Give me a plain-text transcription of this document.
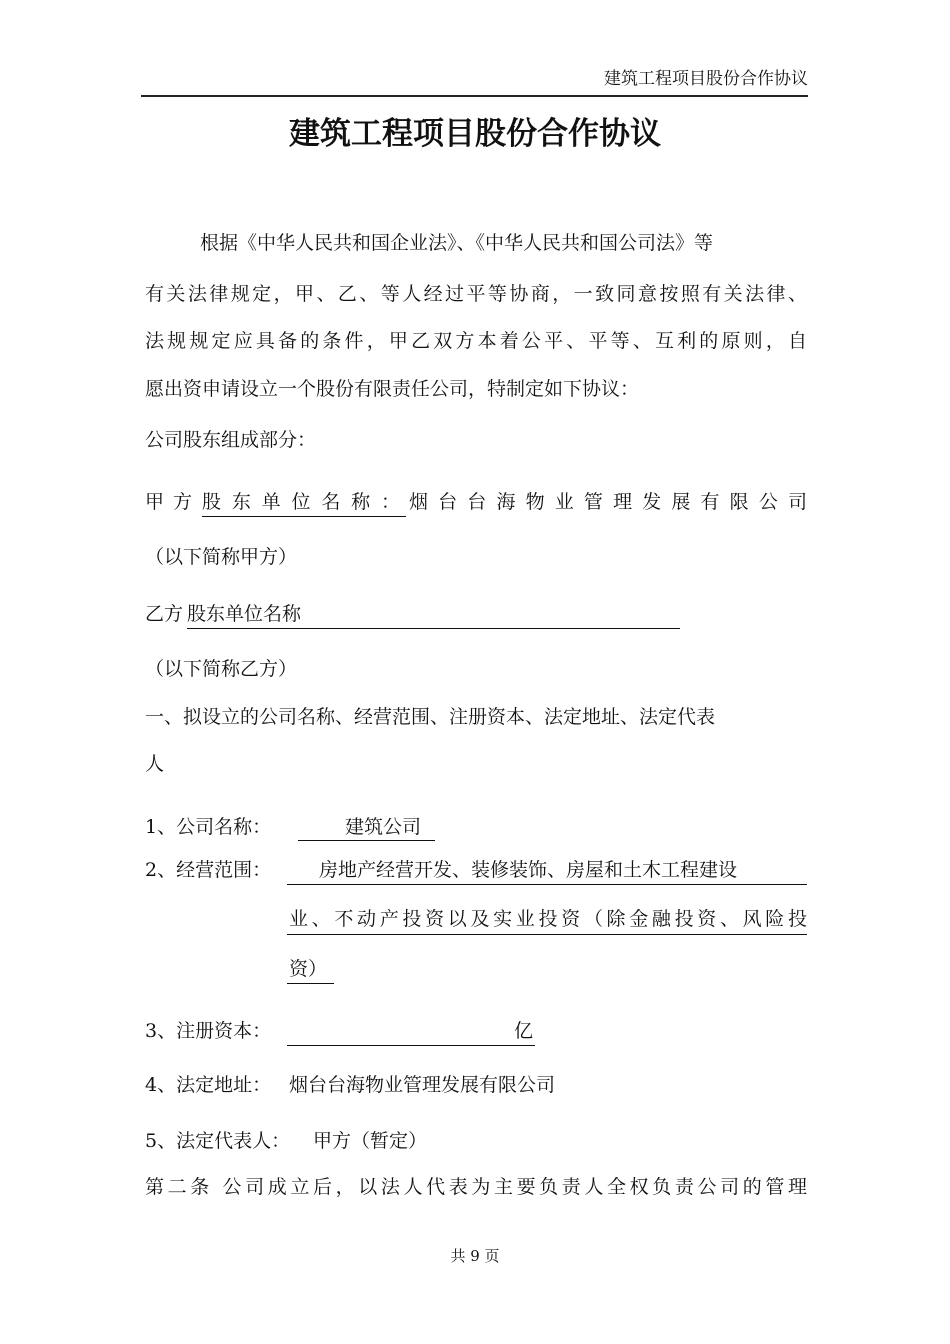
建筑工程项目股份合作协议
建筑工程项目股份合作协议
根据《中华人民共和国企业法》、《中华人民共和国公司法》等
有关法律规定，甲、乙、等人经过平等协商，一致同意按照有关法律、
法规规定应具备的条件，甲乙双方本着公平、平等、互利的原则，自
愿出资申请设立一个股份有限责任公司，特制定如下协议：
公司股东组成部分：
甲方 股东单位名称： 烟台台海物业管理发展有限公司
（以下简称甲方）
乙方 股东单位名称
（以下简称乙方）
一、拟设立的公司名称、经营范围、注册资本、法定地址、法定代表
人
1、公司名称：	建筑公司
2、经营范围：	房地产经营开发、装修装饰、房屋和土木工程建设
业、不动产投资以及实业投资（除金融投资、风险投
资）
3、注册资本：	亿
4、法定地址： 烟台台海物业管理发展有限公司
5、法定代表人： 甲方（暂定）
第二条 公司成立后，以法人代表为主要负责人全权负责公司的管理
共 9 页
